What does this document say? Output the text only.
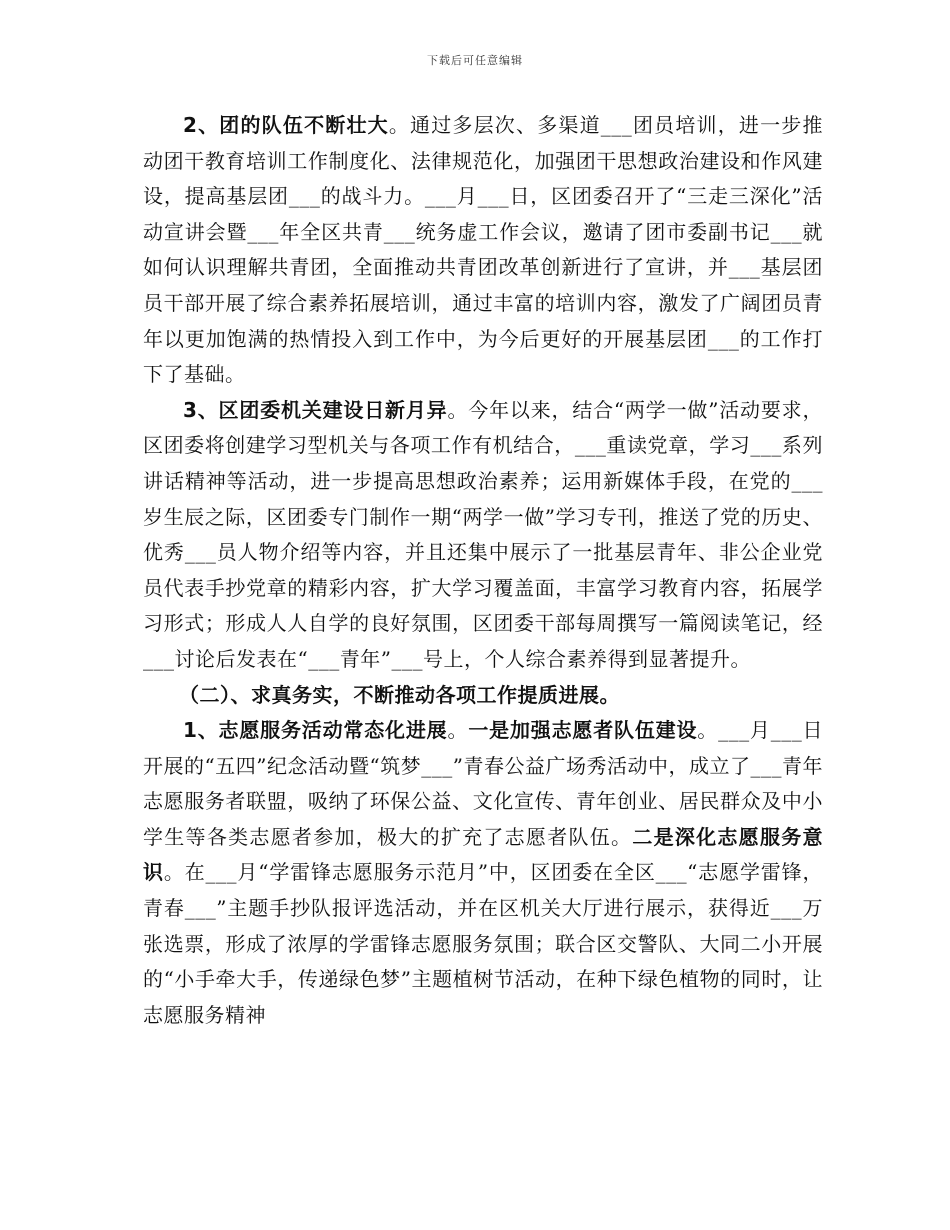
下载后可任意编辑

2、团的队伍不断壮大。通过多层次、多渠道___团员培训，进一步推动团干教育培训工作制度化、法律规范化，加强团干思想政治建设和作风建设，提高基层团___的战斗力。___月___日，区团委召开了“三走三深化”活动宣讲会暨___年全区共青___统务虚工作会议，邀请了团市委副书记___就如何认识理解共青团，全面推动共青团改革创新进行了宣讲，并___基层团员干部开展了综合素养拓展培训，通过丰富的培训内容，激发了广阔团员青年以更加饱满的热情投入到工作中，为今后更好的开展基层团___的工作打下了基础。

3、区团委机关建设日新月异。今年以来，结合“两学一做”活动要求，区团委将创建学习型机关与各项工作有机结合，___重读党章，学习___系列讲话精神等活动，进一步提高思想政治素养；运用新媒体手段，在党的___岁生辰之际，区团委专门制作一期“两学一做”学习专刊，推送了党的历史、优秀___员人物介绍等内容，并且还集中展示了一批基层青年、非公企业党员代表手抄党章的精彩内容，扩大学习覆盖面，丰富学习教育内容，拓展学习形式；形成人人自学的良好氛围，区团委干部每周撰写一篇阅读笔记，经___讨论后发表在“___青年”___号上，个人综合素养得到显著提升。

（二）、求真务实，不断推动各项工作提质进展。

1、志愿服务活动常态化进展。一是加强志愿者队伍建设。___月___日开展的“五四”纪念活动暨“筑梦___”青春公益广场秀活动中，成立了___青年志愿服务者联盟，吸纳了环保公益、文化宣传、青年创业、居民群众及中小学生等各类志愿者参加，极大的扩充了志愿者队伍。二是深化志愿服务意识。在___月“学雷锋志愿服务示范月”中，区团委在全区___“志愿学雷锋，青春___”主题手抄队报评选活动，并在区机关大厅进行展示，获得近___万张选票，形成了浓厚的学雷锋志愿服务氛围；联合区交警队、大同二小开展的“小手牵大手，传递绿色梦”主题植树节活动，在种下绿色植物的同时，让志愿服务精神
